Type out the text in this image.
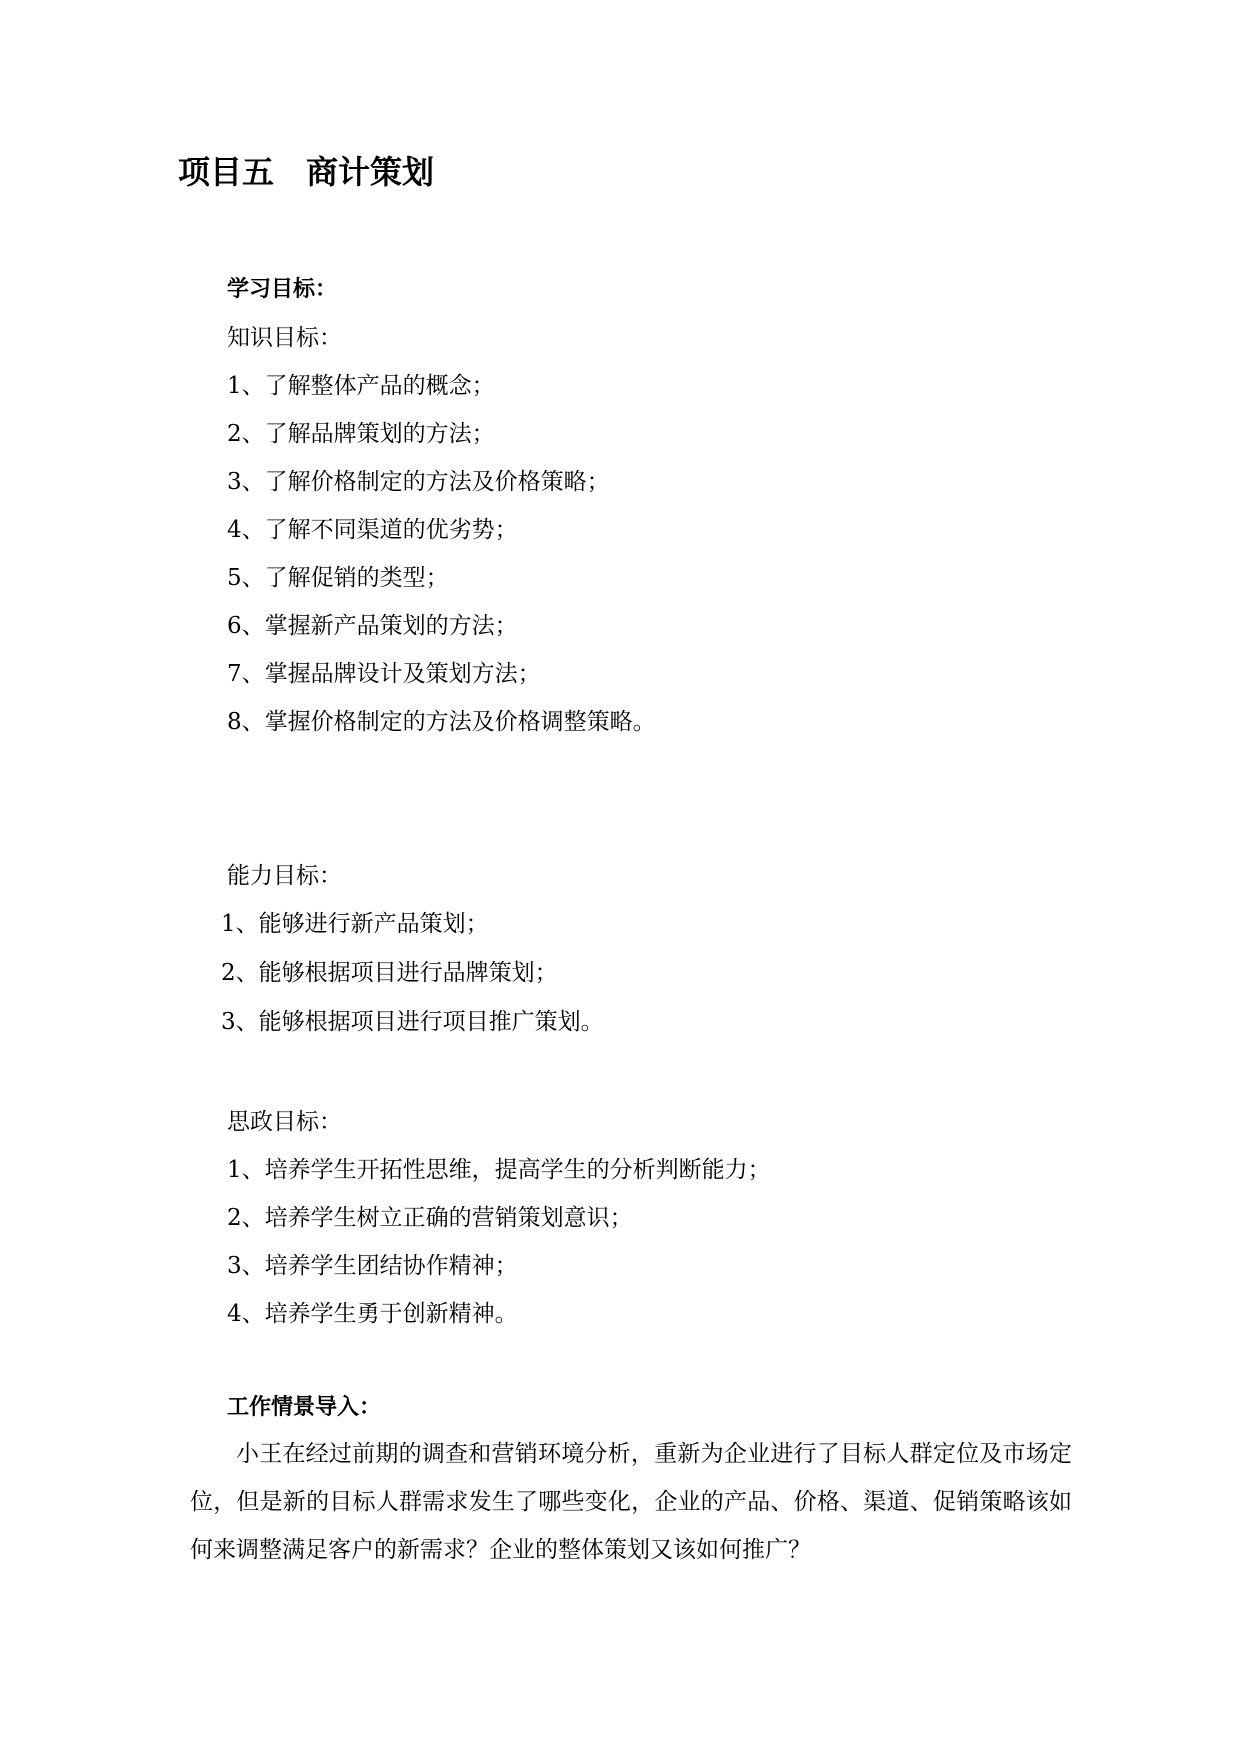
项目五　商计策划
学习目标：
知识目标：
1、了解整体产品的概念；
2、了解品牌策划的方法；
3、了解价格制定的方法及价格策略；
4、了解不同渠道的优劣势；
5、了解促销的类型；
6、掌握新产品策划的方法；
7、掌握品牌设计及策划方法；
8、掌握价格制定的方法及价格调整策略。
能力目标：
1、能够进行新产品策划；
2、能够根据项目进行品牌策划；
3、能够根据项目进行项目推广策划。
思政目标：
1、培养学生开拓性思维，提高学生的分析判断能力；
2、培养学生树立正确的营销策划意识；
3、培养学生团结协作精神；
4、培养学生勇于创新精神。
工作情景导入：

小王在经过前期的调查和营销环境分析，重新为企业进行了目标人群定位及市场定位，但是新的目标人群需求发生了哪些变化，企业的产品、价格、渠道、促销策略该如何来调整满足客户的新需求？企业的整体策划又该如何推广？
